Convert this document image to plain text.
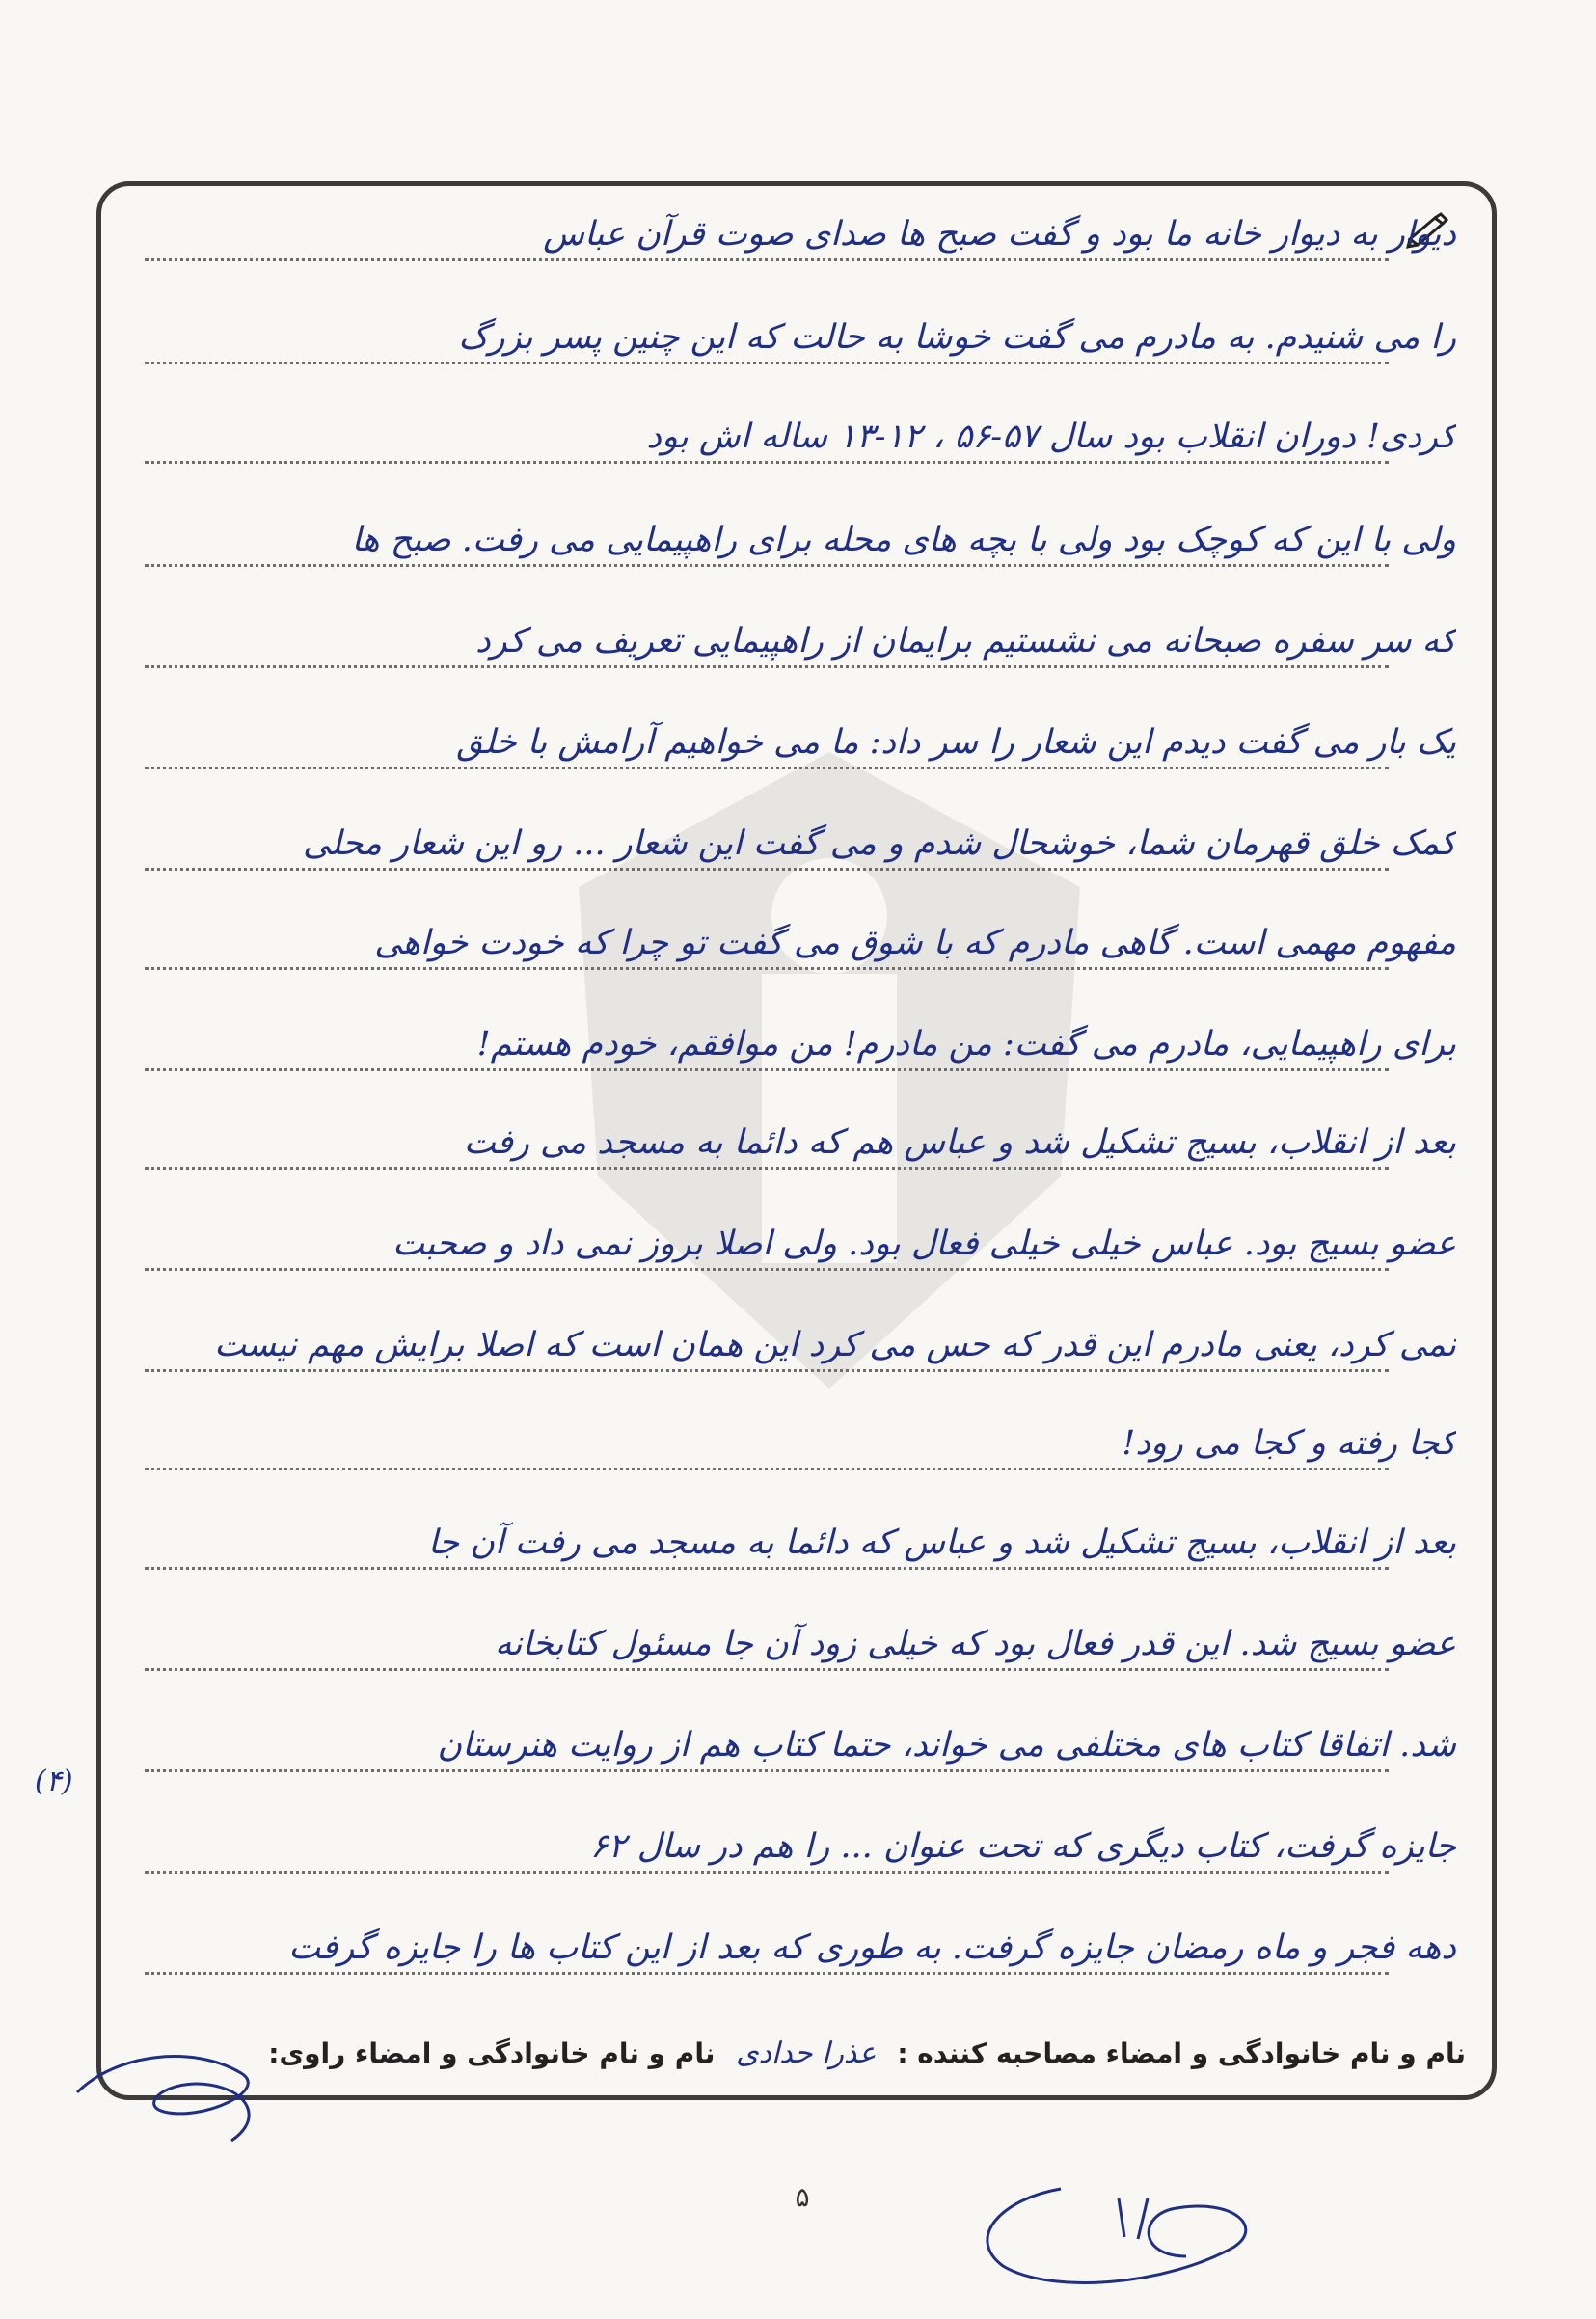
دیوار به دیوار خانه ما بود و گفت صبح ها صدای صوت قرآن عباس
را می شنیدم. به مادرم می گفت خوشا به حالت که این چنین پسر بزرگ
کردی! دوران انقلاب بود سال ۵۷-۵۶ ، ۱۲-۱۳ ساله اش بود
ولی با این که کوچک بود ولی با بچه های محله برای راهپیمایی می رفت. صبح ها
که سر سفره صبحانه می نشستیم برایمان از راهپیمایی تعریف می کرد
یک بار می گفت دیدم این شعار را سر داد: ما می خواهیم آرامش با خلق
کمک خلق قهرمان شما، خوشحال شدم و می گفت این شعار ... رو این شعار محلی
مفهوم مهمی است. گاهی مادرم که با شوق می گفت تو چرا که خودت خواهی
برای راهپیمایی، مادرم می گفت: من مادرم! من موافقم، خودم هستم!
بعد از انقلاب، بسیج تشکیل شد و عباس هم که دائما به مسجد می رفت
عضو بسیج بود. عباس خیلی خیلی فعال بود. ولی اصلا بروز نمی داد و صحبت
نمی کرد، یعنی مادرم این قدر که حس می کرد این همان است که اصلا برایش مهم نیست
کجا رفته و کجا می رود!
بعد از انقلاب، بسیج تشکیل شد و عباس که دائما به مسجد می رفت آن جا
عضو بسیج شد. این قدر فعال بود که خیلی زود آن جا مسئول کتابخانه
شد. اتفاقا کتاب های مختلفی می خواند، حتما کتاب هم از روایت هنرستان
جایزه گرفت، کتاب دیگری که تحت عنوان ... را هم در سال ۶۲
دهه فجر و ماه رمضان جایزه گرفت. به طوری که بعد از این کتاب ها را جایزه گرفت
(۴)
نام و نام خانوادگی و امضاء مصاحبه کننده : عذرا حدادی نام و نام خانوادگی و امضاء راوی:
۵
